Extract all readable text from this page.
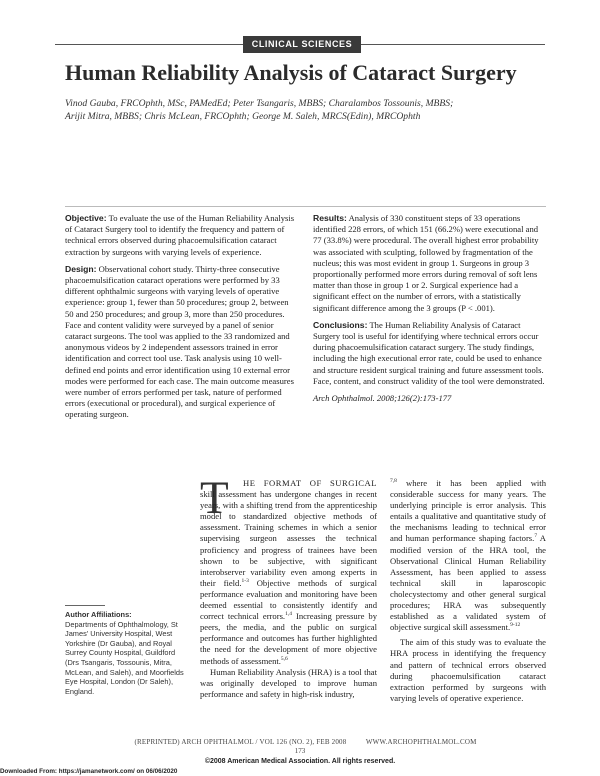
CLINICAL SCIENCES
Human Reliability Analysis of Cataract Surgery
Vinod Gauba, FRCOphth, MSc, PAMedEd; Peter Tsangaris, MBBS; Charalambos Tossounis, MBBS;
Arijit Mitra, MBBS; Chris McLean, FRCOphth; George M. Saleh, MRCS(Edin), MRCOphth

Objective: To evaluate the use of the Human Reliability Analysis of Cataract Surgery tool to identify the frequency and pattern of technical errors observed during phacoemulsification cataract extraction by surgeons with varying levels of experience.

Design: Observational cohort study. Thirty-three consecutive phacoemulsification cataract operations were performed by 33 different ophthalmic surgeons with varying levels of operative experience: group 1, fewer than 50 procedures; group 2, between 50 and 250 procedures; and group 3, more than 250 procedures. Face and content validity were surveyed by a panel of senior cataract surgeons. The tool was applied to the 33 randomized and anonymous videos by 2 independent assessors trained in error identification and correct tool use. Task analysis using 10 well-defined end points and error identification using 10 external error modes were performed for each case. The main outcome measures were number of errors performed per task, nature of performed errors (executional or procedural), and surgical experience of operating surgeon.

Results: Analysis of 330 constituent steps of 33 operations identified 228 errors, of which 151 (66.2%) were executional and 77 (33.8%) were procedural. The overall highest error probability was associated with sculpting, followed by fragmentation of the nucleus; this was most evident in group 1. Surgeons in group 3 proportionally performed more errors during removal of soft lens matter than those in group 1 or 2. Surgical experience had a significant effect on the number of errors, with a statistically significant difference among the 3 groups (P < .001).

Conclusions: The Human Reliability Analysis of Cataract Surgery tool is useful for identifying where technical errors occur during phacoemulsification cataract surgery. The study findings, including the high executional error rate, could be used to enhance and structure resident surgical training and future assessment tools. Face, content, and construct validity of the tool were demonstrated.

Arch Ophthalmol. 2008;126(2):173-177

T	HE FORMAT OF SURGICAL skill assessment has undergone changes in recent years, with a shifting trend from the apprenticeship model to standardized objective methods of assessment. Training schemes in which a senior supervising surgeon assesses the technical proficiency and progress of trainees have been shown to be subjective, with significant interobserver variability even among experts in their field.$^{1-3}$ Objective methods of surgical performance evaluation and monitoring have been deemed essential to consistently identify and correct technical errors.$^{1,4}$ Increasing pressure by peers, the media, and the public on surgical performance and outcomes has further highlighted the need for the development of more objective methods of assessment.$^{5,6}$

Human Reliability Analysis (HRA) is a tool that was originally developed to improve human performance and safety in high-risk industry,

$^{7,8}$ where it has been applied with considerable success for many years. The underlying principle is error analysis. This entails a qualitative and quantitative study of the mechanisms leading to technical error and human performance shaping factors.$^7$ A modified version of the HRA tool, the Observational Clinical Human Reliability Assessment, has been applied to assess technical skill in laparoscopic cholecystectomy and other general surgical procedures; HRA was subsequently established as a validated system of objective surgical skill assessment.$^{9-12}$

The aim of this study was to evaluate the HRA process in identifying the frequency and pattern of technical errors observed during phacoemulsification cataract extraction performed by surgeons with varying levels of operative experience.

Author Affiliations:
Departments of Ophthalmology, St James' University Hospital, West Yorkshire (Dr Gauba), and Royal Surrey County Hospital, Guildford (Drs Tsangaris, Tossounis, Mitra, McLean, and Saleh), and Moorfields Eye Hospital, London (Dr Saleh), England.
(REPRINTED) ARCH OPHTHALMOL / VOL 126 (NO. 2), FEB 2008          WWW.ARCHOPHTHALMOL.COM
173
©2008 American Medical Association. All rights reserved.
Downloaded From: https://jamanetwork.com/ on 06/06/2020
